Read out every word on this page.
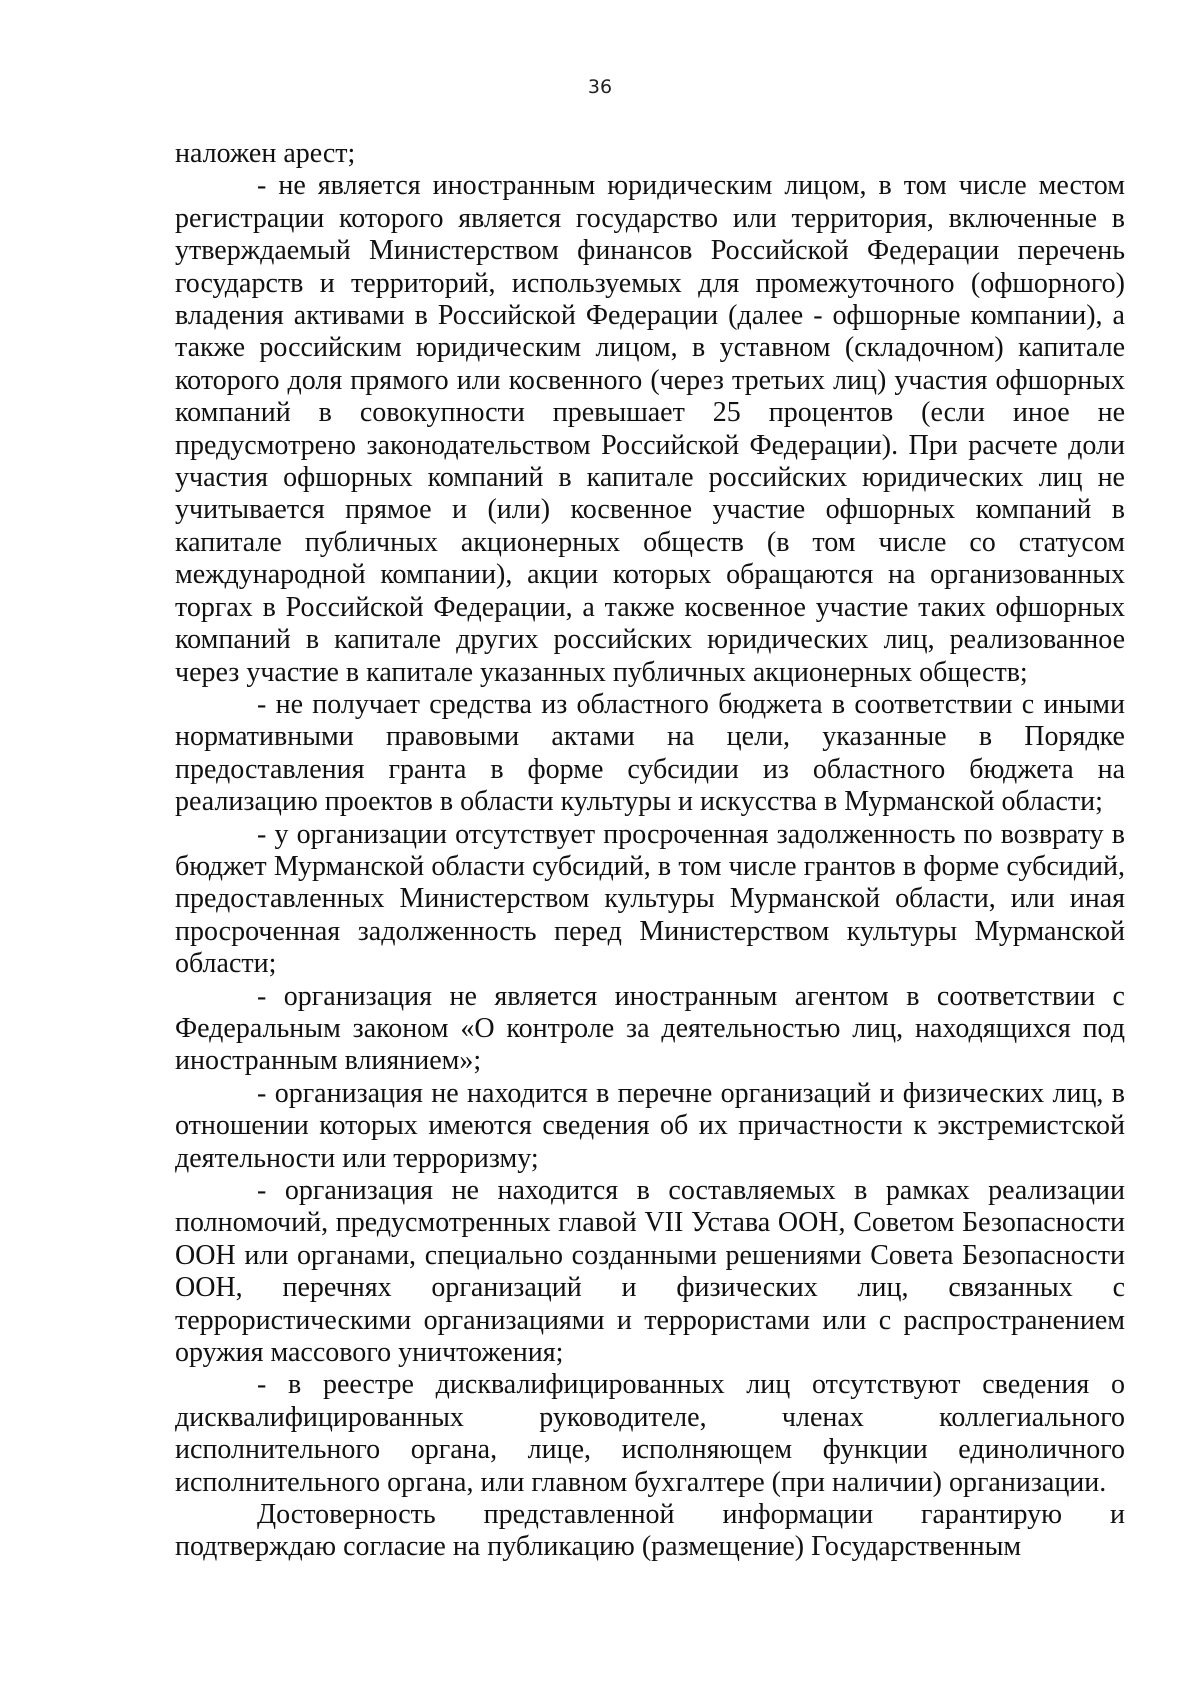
36

наложен арест;

- не является иностранным юридическим лицом, в том числе местом регистрации которого является государство или территория, включенные в утверждаемый Министерством финансов Российской Федерации перечень государств и территорий, используемых для промежуточного (офшорного) владения активами в Российской Федерации (далее - офшорные компании), а также российским юридическим лицом, в уставном (складочном) капитале которого доля прямого или косвенного (через третьих лиц) участия офшорных компаний в совокупности превышает 25 процентов (если иное не предусмотрено законодательством Российской Федерации). При расчете доли участия офшорных компаний в капитале российских юридических лиц не учитывается прямое и (или) косвенное участие офшорных компаний в капитале публичных акционерных обществ (в том числе со статусом международной компании), акции которых обращаются на организованных торгах в Российской Федерации, а также косвенное участие таких офшорных компаний в капитале других российских юридических лиц, реализованное через участие в капитале указанных публичных акционерных обществ;

- не получает средства из областного бюджета в соответствии с иными нормативными правовыми актами на цели, указанные в Порядке предоставления гранта в форме субсидии из областного бюджета на реализацию проектов в области культуры и искусства в Мурманской области;

- у организации отсутствует просроченная задолженность по возврату в бюджет Мурманской области субсидий, в том числе грантов в форме субсидий, предоставленных Министерством культуры Мурманской области, или иная просроченная задолженность перед Министерством культуры Мурманской области;

- организация не является иностранным агентом в соответствии с Федеральным законом «О контроле за деятельностью лиц, находящихся под иностранным влиянием»;

- организация не находится в перечне организаций и физических лиц, в отношении которых имеются сведения об их причастности к экстремистской деятельности или терроризму;

- организация не находится в составляемых в рамках реализации полномочий, предусмотренных главой VII Устава ООН, Советом Безопасности ООН или органами, специально созданными решениями Совета Безопасности ООН, перечнях организаций и физических лиц, связанных с террористическими организациями и террористами или с распространением оружия массового уничтожения;

- в реестре дисквалифицированных лиц отсутствуют сведения о дисквалифицированных руководителе, членах коллегиального исполнительного органа, лице, исполняющем функции единоличного исполнительного органа, или главном бухгалтере (при наличии) организации.

Достоверность представленной информации гарантирую и подтверждаю согласие на публикацию (размещение) Государственным
